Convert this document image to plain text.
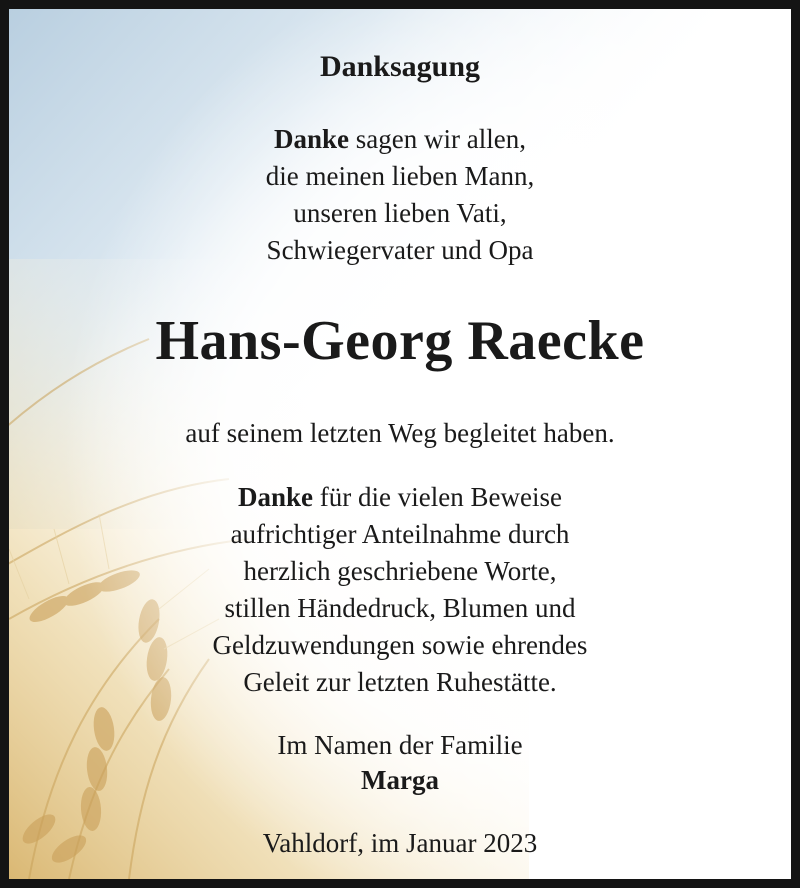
Danksagung
Danke sagen wir allen,
die meinen lieben Mann,
unseren lieben Vati,
Schwiegervater und Opa
Hans-Georg Raecke
auf seinem letzten Weg begleitet haben.
Danke für die vielen Beweise
aufrichtiger Anteilnahme durch
herzlich geschriebene Worte,
stillen Händedruck, Blumen und
Geldzuwendungen sowie ehrendes
Geleit zur letzten Ruhestätte.
Im Namen der Familie
Marga
Vahldorf, im Januar 2023
